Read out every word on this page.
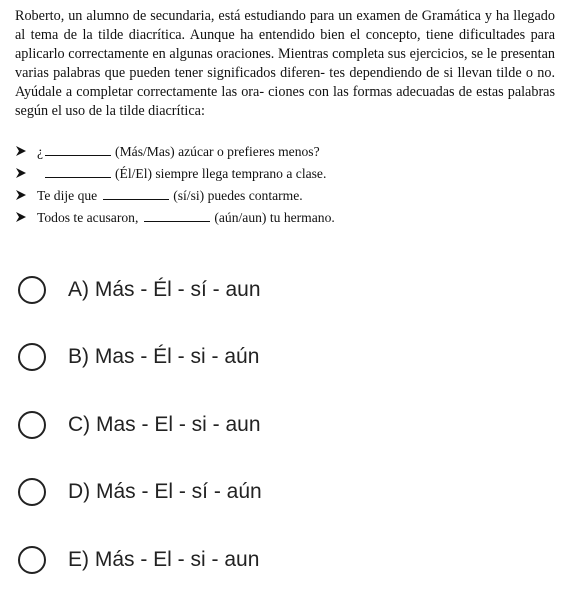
Roberto, un alumno de secundaria, está estudiando para un examen de Gramática y ha llegado al tema de la tilde diacrítica. Aunque ha entendido bien el concepto, tiene dificultades para aplicarlo correctamente en algunas oraciones. Mientras completa sus ejercicios, se le presentan varias palabras que pueden tener significados diferen- tes dependiendo de si llevan tilde o no. Ayúdale a completar correctamente las ora- ciones con las formas adecuadas de estas palabras según el uso de la tilde diacrítica:

¿	(Más/Mas) azúcar o prefieres menos?
(Él/El) siempre llega temprano a clase.
Te dije que	(sí/si) puedes contarme.
Todos te acusaron,	(aún/aun) tu hermano.
A) Más - Él - sí - aun
B) Mas - Él - si - aún
C) Mas - El - si - aun
D) Más - El - sí - aún
E) Más - El - si - aun
